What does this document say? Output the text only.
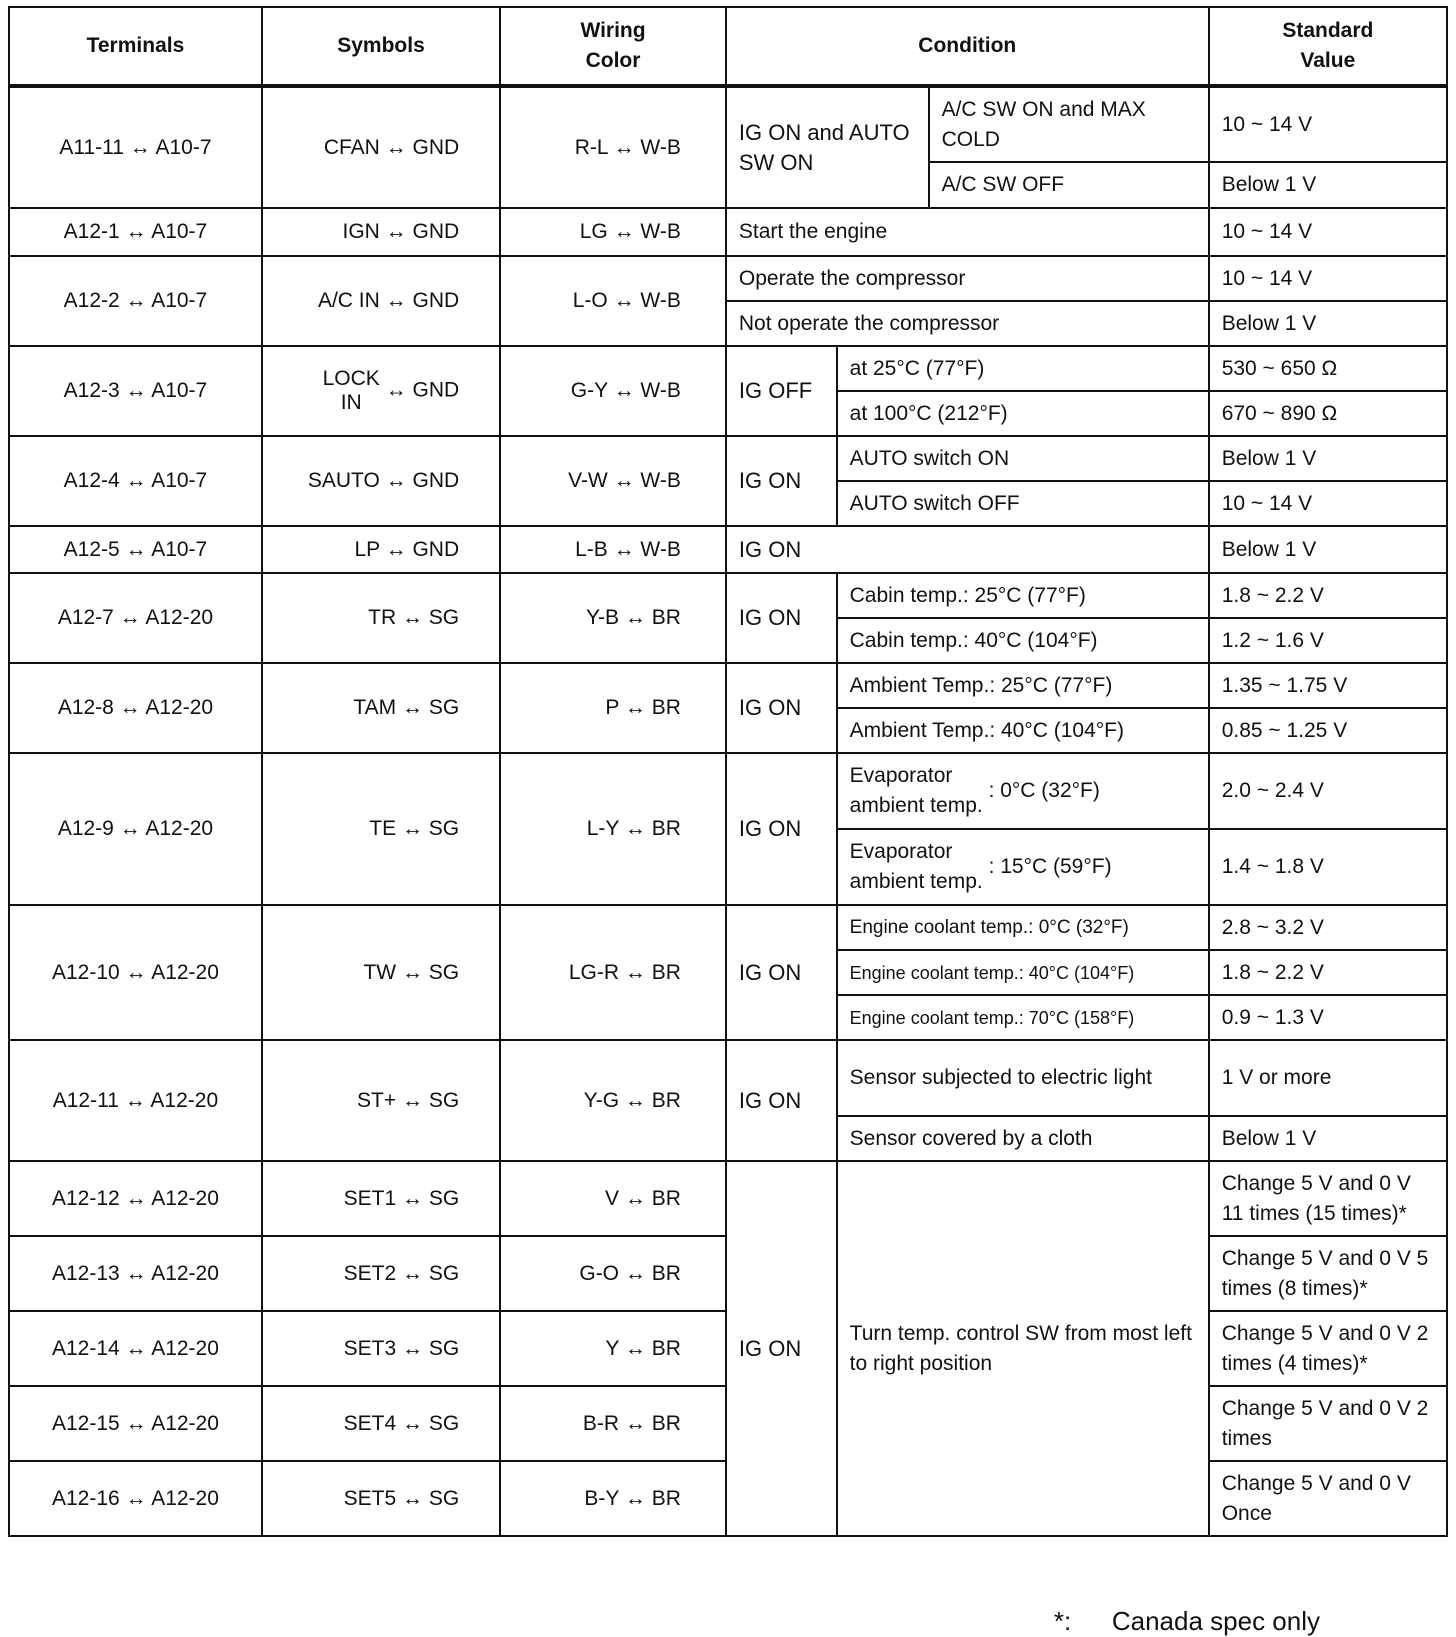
Terminals	Symbols	Wiring Color	Condition			Standard Value
A11-11 ↔ A10-7	CFAN ↔ GND	R-L ↔ W-B	IG ON and AUTO SW ON		A/C SW ON and MAX COLD	10 ~ 14 V
					A/C SW OFF	Below 1 V
A12-1 ↔ A10-7	IGN ↔ GND	LG ↔ W-B	Start the engine			10 ~ 14 V
A12-2 ↔ A10-7	A/C IN ↔ GND	L-O ↔ W-B	Operate the compressor			10 ~ 14 V
			Not operate the compressor			Below 1 V
A12-3 ↔ A10-7	LOCK
IN ↔ GND	G-Y ↔ W-B	IG OFF	at 25°C (77°F)		530 ~ 650 Ω
				at 100°C (212°F)		670 ~ 890 Ω
A12-4 ↔ A10-7	SAUTO ↔ GND	V-W ↔ W-B	IG ON	AUTO switch ON		Below 1 V
				AUTO switch OFF		10 ~ 14 V
A12-5 ↔ A10-7	LP ↔ GND	L-B ↔ W-B	IG ON			Below 1 V
A12-7 ↔ A12-20	TR ↔ SG	Y-B ↔ BR	IG ON	Cabin temp.: 25°C (77°F)		1.8 ~ 2.2 V
				Cabin temp.: 40°C (104°F)		1.2 ~ 1.6 V
A12-8 ↔ A12-20	TAM ↔ SG	P ↔ BR	IG ON	Ambient Temp.: 25°C (77°F)		1.35 ~ 1.75 V
				Ambient Temp.: 40°C (104°F)		0.85 ~ 1.25 V
A12-9 ↔ A12-20	TE ↔ SG	L-Y ↔ BR	IG ON	Evaporator
ambient temp. : 0°C (32°F)		2.0 ~ 2.4 V
				Evaporator
ambient temp. : 15°C (59°F)		1.4 ~ 1.8 V
A12-10 ↔ A12-20	TW ↔ SG	LG-R ↔ BR	IG ON	Engine coolant temp.: 0°C (32°F)		2.8 ~ 3.2 V
				Engine coolant temp.: 40°C (104°F)		1.8 ~ 2.2 V
				Engine coolant temp.: 70°C (158°F)		0.9 ~ 1.3 V
A12-11 ↔ A12-20	ST+ ↔ SG	Y-G ↔ BR	IG ON	Sensor subjected to electric light		1 V or more
				Sensor covered by a cloth		Below 1 V
A12-12 ↔ A12-20	SET1 ↔ SG	V ↔ BR	IG ON	Turn temp. control SW from most left to right position		Change 5 V and 0 V 11 times (15 times)*
A12-13 ↔ A12-20	SET2 ↔ SG	G-O ↔ BR				Change 5 V and 0 V 5 times (8 times)*
A12-14 ↔ A12-20	SET3 ↔ SG	Y ↔ BR				Change 5 V and 0 V 2 times (4 times)*
A12-15 ↔ A12-20	SET4 ↔ SG	B-R ↔ BR				Change 5 V and 0 V 2 times
A12-16 ↔ A12-20	SET5 ↔ SG	B-Y ↔ BR				Change 5 V and 0 V Once
*: Canada spec only
